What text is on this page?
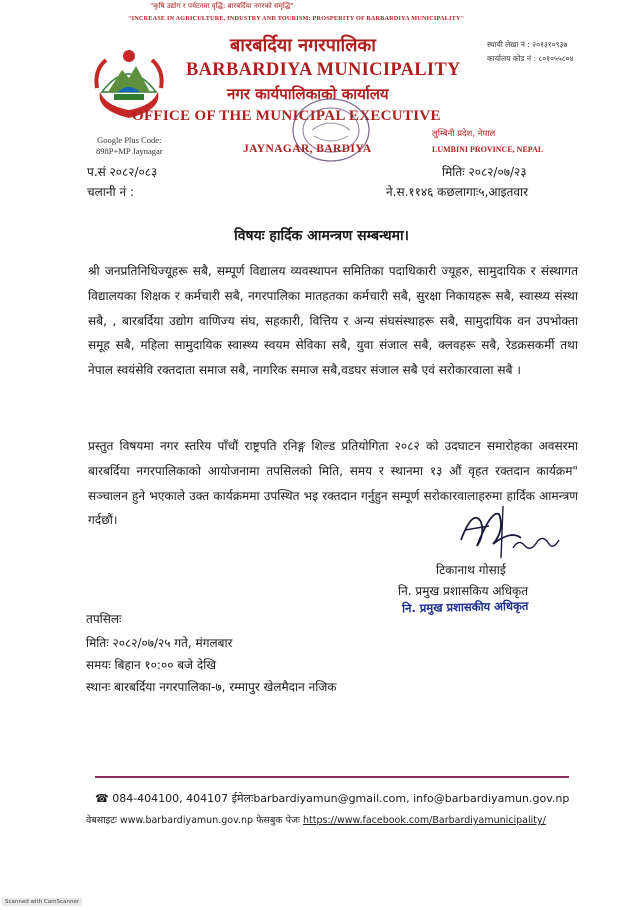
"कृषि उद्योग र पर्यटनमा वृद्धि: बारबर्दिया नगरको समृद्धि"
"INCREASE IN AGRICULTURE, INDUSTRY AND TOURISM: PROSPERITY OF BARBARDIYA MUNICIPALITY"
बारबर्दिया नगरपालिका
BARBARDIYA MUNICIPALITY
नगर कार्यपालिकाको कार्यालय
OFFICE OF THE MUNICIPAL EXECUTIVE
JAYNAGAR, BARDIYA
Google Plus Code:
898P+MP Jaynagar
लुम्बिनी प्रदेश, नेपाल
LUMBINI PROVINCE, NEPAL
स्थायी लेखा नं : २०१३१०९३७
कार्यालय कोड नं : ८०१०५५८०४
प.सं २०८२/०८३
चलानी नं :
मितिः २०८२/०७/२३
ने.स.११४६ कछलागाः५,आइतवार
विषयः हार्दिक आमन्त्रण सम्बन्धमा।
श्री जनप्रतिनिधिज्यूहरू सबै, सम्पूर्ण विद्यालय व्यवस्थापन समितिका पदाधिकारी ज्यूहरु, सामुदायिक र संस्थागत विद्यालयका शिक्षक र कर्मचारी सबै, नगरपालिका मातहतका कर्मचारी सबै, सुरक्षा निकायहरू सबै, स्वास्थ्य संस्था सबै, , बारबर्दिया उद्योग वाणिज्य संघ, सहकारी, वित्तिय र अन्य संघसंस्थाहरू सबै, सामुदायिक वन उपभोक्ता समूह सबै, महिला सामुदायिक स्वास्थ्य स्वयम सेविका सबै, युवा संजाल सबै, क्लवहरू सबै, रेडक्रसकर्मी तथा नेपाल स्वयंसेवि रक्तदाता समाज सबै, नागरिक समाज सबै,वडघर संजाल सबै एवं सरोकारवाला सबै ।
प्रस्तुत विषयमा नगर स्तरिय पाँचौं राष्ट्रपति रनिङ्ग शिल्ड प्रतियोगिता २०८२ को उदघाटन समारोहका अवसरमा बारबर्दिया नगरपालिकाको आयोजनामा तपसिलको मिति, समय र स्थानमा १३ औं वृहत रक्तदान कार्यक्रम" सञ्चालन हुने भएकाले उक्त कार्यक्रममा उपस्थित भइ रक्तदान गर्नुहुन सम्पूर्ण सरोकारवालाहरुमा हार्दिक आमन्त्रण गर्दछौं।
टिकानाथ गोसाई
नि. प्रमुख प्रशासकिय अधिकृत
नि. प्रमुख प्रशासकीय अधिकृत
तपसिलः
मितिः २०८२/०७/२५ गते, मंगलबार
समयः बिहान १०:०० बजे देखि
स्थानः बारबर्दिया नगरपालिका-७, रम्मापुर खेलमैदान नजिक
☎ 084-404100, 404107 ईमेलःbarbardiyamun@gmail.com, info@barbardiyamun.gov.np
वेबसाइटः www.barbardiyamun.gov.np फेसबुक पेजः https://www.facebook.com/Barbardiyamunicipality/
Scanned with CamScanner
